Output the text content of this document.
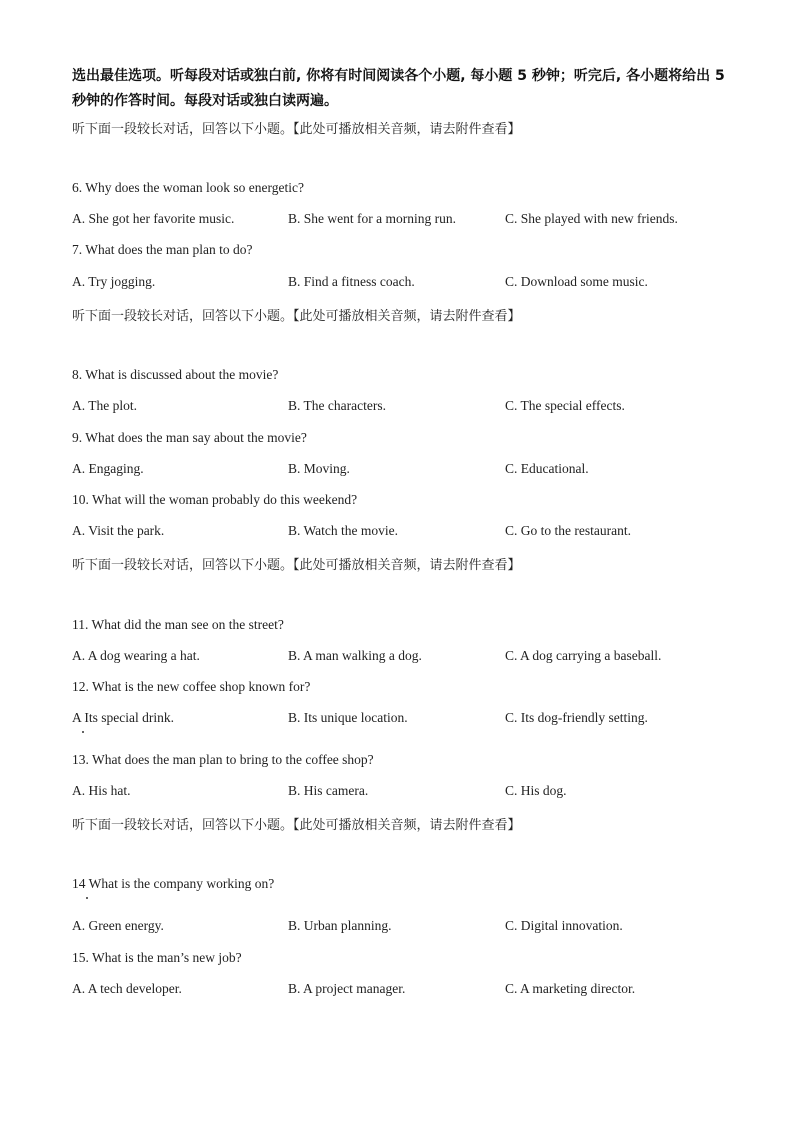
选出最佳选项。听每段对话或独白前, 你将有时间阅读各个小题, 每小题 5 秒钟；听完后, 各小题将给出 5 秒钟的作答时间。每段对话或独白读两遍。
听下面一段较长对话，回答以下小题。【此处可播放相关音频，请去附件查看】
6. Why does the woman look so energetic?
A. She got her favorite music.	B. She went for a morning run.	C. She played with new friends.
7. What does the man plan to do?
A. Try jogging.	B. Find a fitness coach.	C. Download some music.
听下面一段较长对话，回答以下小题。【此处可播放相关音频，请去附件查看】
8. What is discussed about the movie?
A. The plot.	B. The characters.	C. The special effects.
9. What does the man say about the movie?
A. Engaging.	B. Moving.	C. Educational.
10. What will the woman probably do this weekend?
A. Visit the park.	B. Watch the movie.	C. Go to the restaurant.
听下面一段较长对话，回答以下小题。【此处可播放相关音频，请去附件查看】
11. What did the man see on the street?
A. A dog wearing a hat.	B. A man walking a dog.	C. A dog carrying a baseball.
12. What is the new coffee shop known for?
A Its special drink.	B. Its unique location.	C. Its dog-friendly setting.
13. What does the man plan to bring to the coffee shop?
A. His hat.	B. His camera.	C. His dog.
听下面一段较长对话，回答以下小题。【此处可播放相关音频，请去附件查看】
14 What is the company working on?
A. Green energy.	B. Urban planning.	C. Digital innovation.
15. What is the man’s new job?
A. A tech developer.	B. A project manager.	C. A marketing director.
